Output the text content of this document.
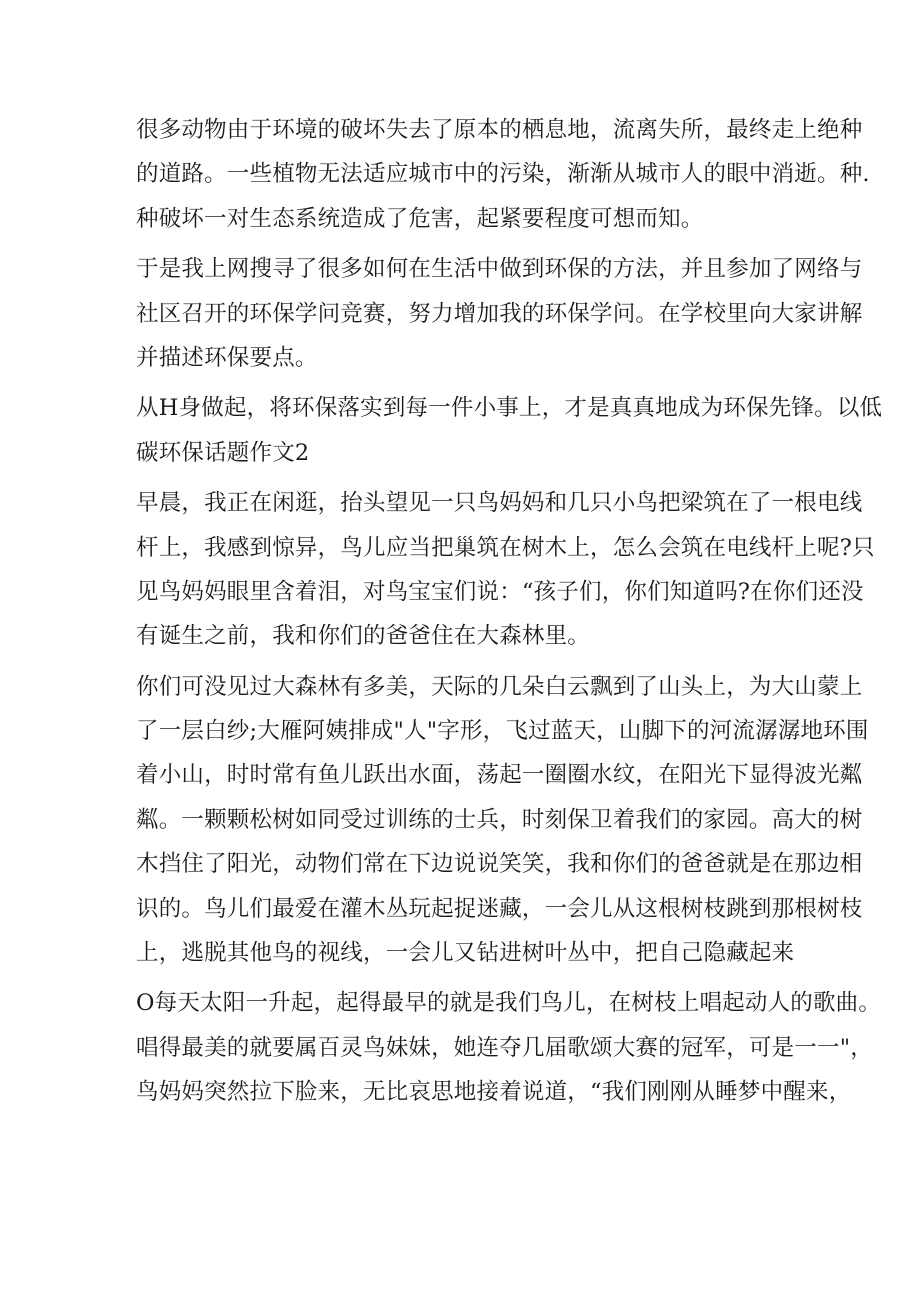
很多动物由于环境的破坏失去了原本的栖息地，流离失所，最终走上绝种
的道路。一些植物无法适应城市中的污染，渐渐从城市人的眼中消逝。种.
种破坏一对生态系统造成了危害，起紧要程度可想而知。
于是我上网搜寻了很多如何在生活中做到环保的方法，并且参加了网络与
社区召开的环保学问竞赛，努力增加我的环保学问。在学校里向大家讲解
并描述环保要点。
从H身做起，将环保落实到每一件小事上，才是真真地成为环保先锋。以低
碳环保话题作文2
早晨，我正在闲逛，抬头望见一只鸟妈妈和几只小鸟把梁筑在了一根电线
杆上，我感到惊异，鸟儿应当把巢筑在树木上，怎么会筑在电线杆上呢?只
见鸟妈妈眼里含着泪，对鸟宝宝们说：“孩子们，你们知道吗?在你们还没
有诞生之前，我和你们的爸爸住在大森林里。
你们可没见过大森林有多美，天际的几朵白云飘到了山头上，为大山蒙上
了一层白纱;大雁阿姨排成"人"字形，飞过蓝天，山脚下的河流潺潺地环围
着小山，时时常有鱼儿跃出水面，荡起一圈圈水纹，在阳光下显得波光粼
粼。一颗颗松树如同受过训练的士兵，时刻保卫着我们的家园。高大的树
木挡住了阳光，动物们常在下边说说笑笑，我和你们的爸爸就是在那边相
识的。鸟儿们最爱在灌木丛玩起捉迷藏，一会儿从这根树枝跳到那根树枝
上，逃脱其他鸟的视线，一会儿又钻进树叶丛中，把自己隐藏起来
O每天太阳一升起，起得最早的就是我们鸟儿，在树枝上唱起动人的歌曲。
唱得最美的就要属百灵鸟妹妹，她连夺几届歌颂大赛的冠军，可是一一"，
鸟妈妈突然拉下脸来，无比哀思地接着说道，“我们刚刚从睡梦中醒来，
